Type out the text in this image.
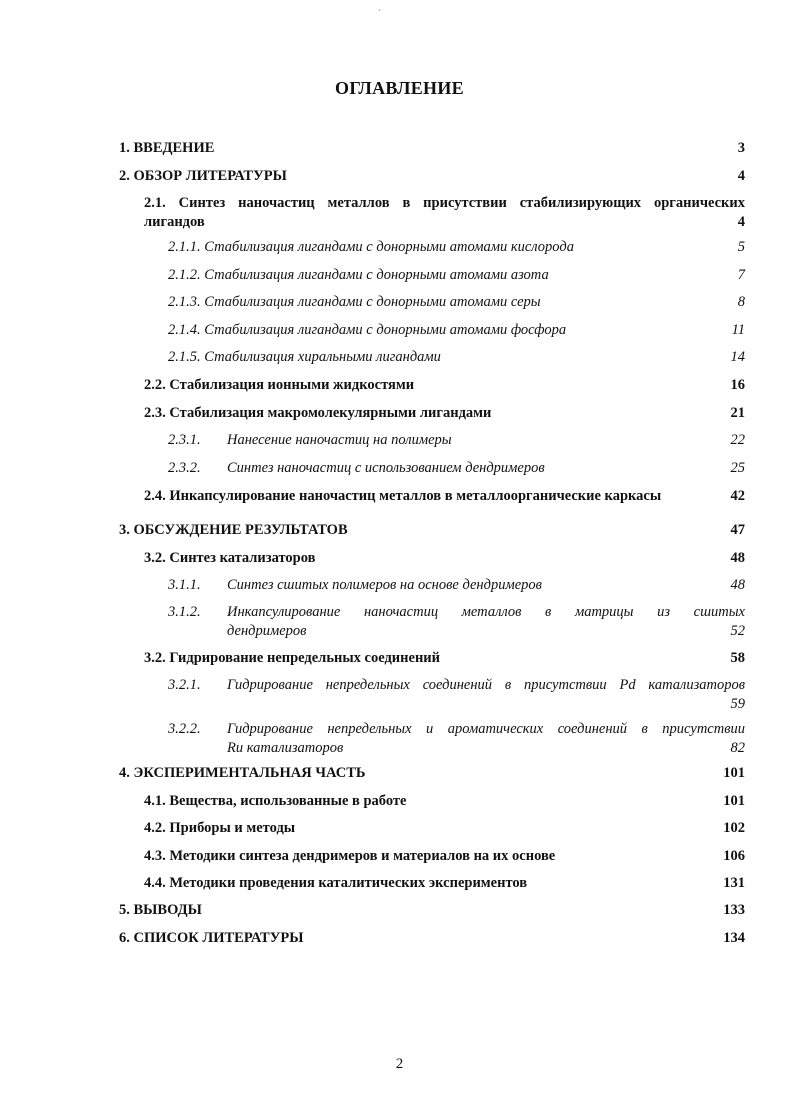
`
ОГЛАВЛЕНИЕ
1. ВВЕДЕНИЕ	3
2. ОБЗОР ЛИТЕРАТУРЫ	4
2.1. Синтез наночастиц металлов в присутствии стабилизирующих органических
лигандов	4
2.1.1. Стабилизация лигандами с донорными атомами кислорода	5
2.1.2. Стабилизация лигандами с донорными атомами азота	7
2.1.3. Стабилизация лигандами с донорными атомами серы	8
2.1.4. Стабилизация лигандами с донорными атомами фосфора	11
2.1.5. Стабилизация хиральными лигандами	14
2.2. Стабилизация ионными жидкостями	16
2.3. Стабилизация макромолекулярными лигандами	21
2.3.1. Нанесение наночастиц на полимеры	22
2.3.2. Синтез наночастиц с использованием дендримеров	25
2.4. Инкапсулирование наночастиц металлов в металлоорганические каркасы	42
3. ОБСУЖДЕНИЕ РЕЗУЛЬТАТОВ	47
3.2. Синтез катализаторов	48
3.1.1. Синтез сшитых полимеров на основе дендримеров	48
3.1.2. Инкапсулирование наночастиц металлов в матрицы из сшитых
дендримеров	52
3.2. Гидрирование непредельных соединений	58
3.2.1. Гидрирование непредельных соединений в присутствии Pd катализаторов
59
3.2.2. Гидрирование непредельных и ароматических соединений в присутствии
Ru катализаторов	82
4. ЭКСПЕРИМЕНТАЛЬНАЯ ЧАСТЬ	101
4.1. Вещества, использованные в работе	101
4.2. Приборы и методы	102
4.3. Методики синтеза дендримеров и материалов на их основе	106
4.4. Методики проведения каталитических экспериментов	131
5. ВЫВОДЫ	133
6. СПИСОК ЛИТЕРАТУРЫ	134
2
